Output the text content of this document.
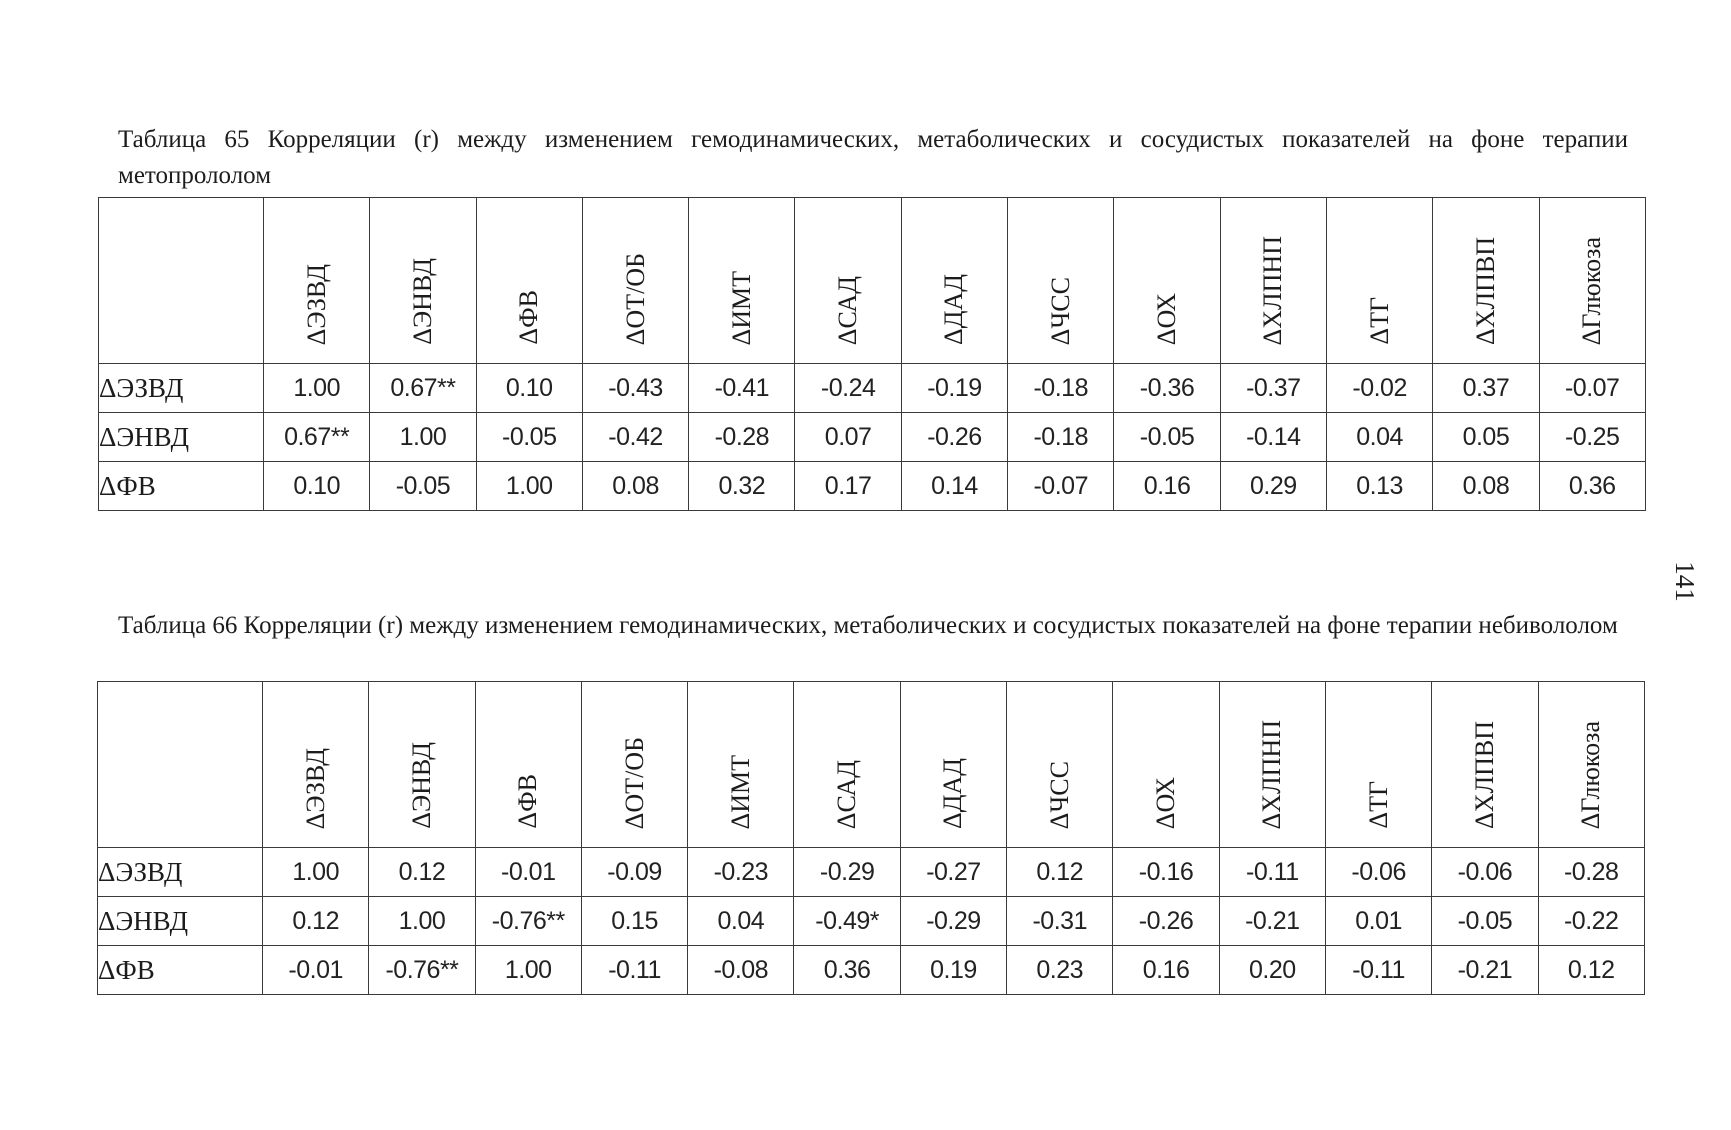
Таблица 65 Корреляции (r) между изменением гемодинамических, метаболических и сосудистых показателей на фоне терапии метопрололом

	ΔЭЗВД	ΔЭНВД	ΔФВ	ΔОТ/ОБ	ΔИМТ	ΔСАД	ΔДАД	ΔЧСС	ΔОХ	ΔХЛПНП	ΔТГ	ΔХЛПВП	ΔГлюкоза

ΔЭЗВД	1.00	0.67**	0.10	-0.43	-0.41	-0.24	-0.19	-0.18	-0.36	-0.37	-0.02	0.37	-0.07
ΔЭНВД	0.67**	1.00	-0.05	-0.42	-0.28	0.07	-0.26	-0.18	-0.05	-0.14	0.04	0.05	-0.25
ΔФВ	0.10	-0.05	1.00	0.08	0.32	0.17	0.14	-0.07	0.16	0.29	0.13	0.08	0.36
Таблица 66 Корреляции (r) между изменением гемодинамических, метаболических и сосудистых показателей на фоне терапии небивололом

	ΔЭЗВД	ΔЭНВД	ΔФВ	ΔОТ/ОБ	ΔИМТ	ΔСАД	ΔДАД	ΔЧСС	ΔОХ	ΔХЛПНП	ΔТГ	ΔХЛПВП	ΔГлюкоза

ΔЭЗВД	1.00	0.12	-0.01	-0.09	-0.23	-0.29	-0.27	0.12	-0.16	-0.11	-0.06	-0.06	-0.28
ΔЭНВД	0.12	1.00	-0.76**	0.15	0.04	-0.49*	-0.29	-0.31	-0.26	-0.21	0.01	-0.05	-0.22
ΔФВ	-0.01	-0.76**	1.00	-0.11	-0.08	0.36	0.19	0.23	0.16	0.20	-0.11	-0.21	0.12
141
